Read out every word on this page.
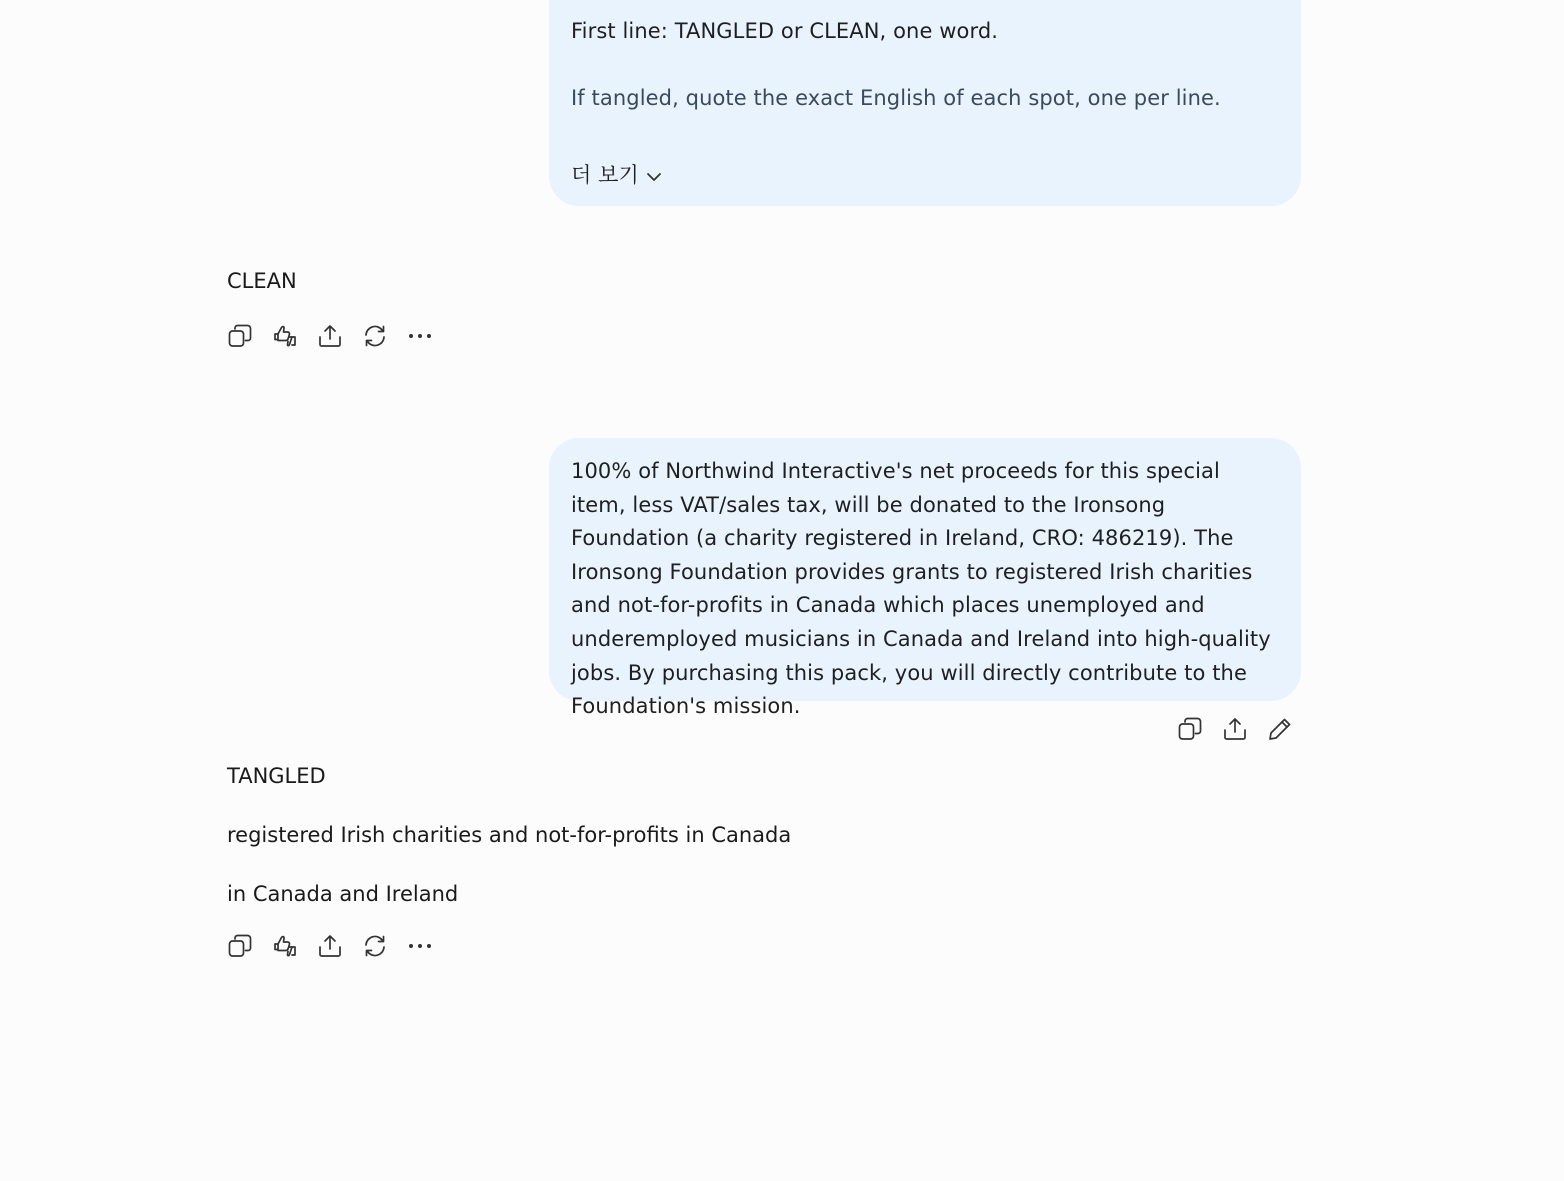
First line: TANGLED or CLEAN, one word.
If tangled, quote the exact English of each spot, one per line.
더 보기
CLEAN
100% of Northwind Interactive's net proceeds for this special item, less VAT/sales tax, will be donated to the Ironsong Foundation (a charity registered in Ireland, CRO: 486219). The Ironsong Foundation provides grants to registered Irish charities and not-for-profits in Canada which places unemployed and underemployed musicians in Canada and Ireland into high-quality jobs. By purchasing this pack, you will directly contribute to the Foundation's mission.
TANGLED
registered Irish charities and not-for-profits in Canada
in Canada and Ireland
